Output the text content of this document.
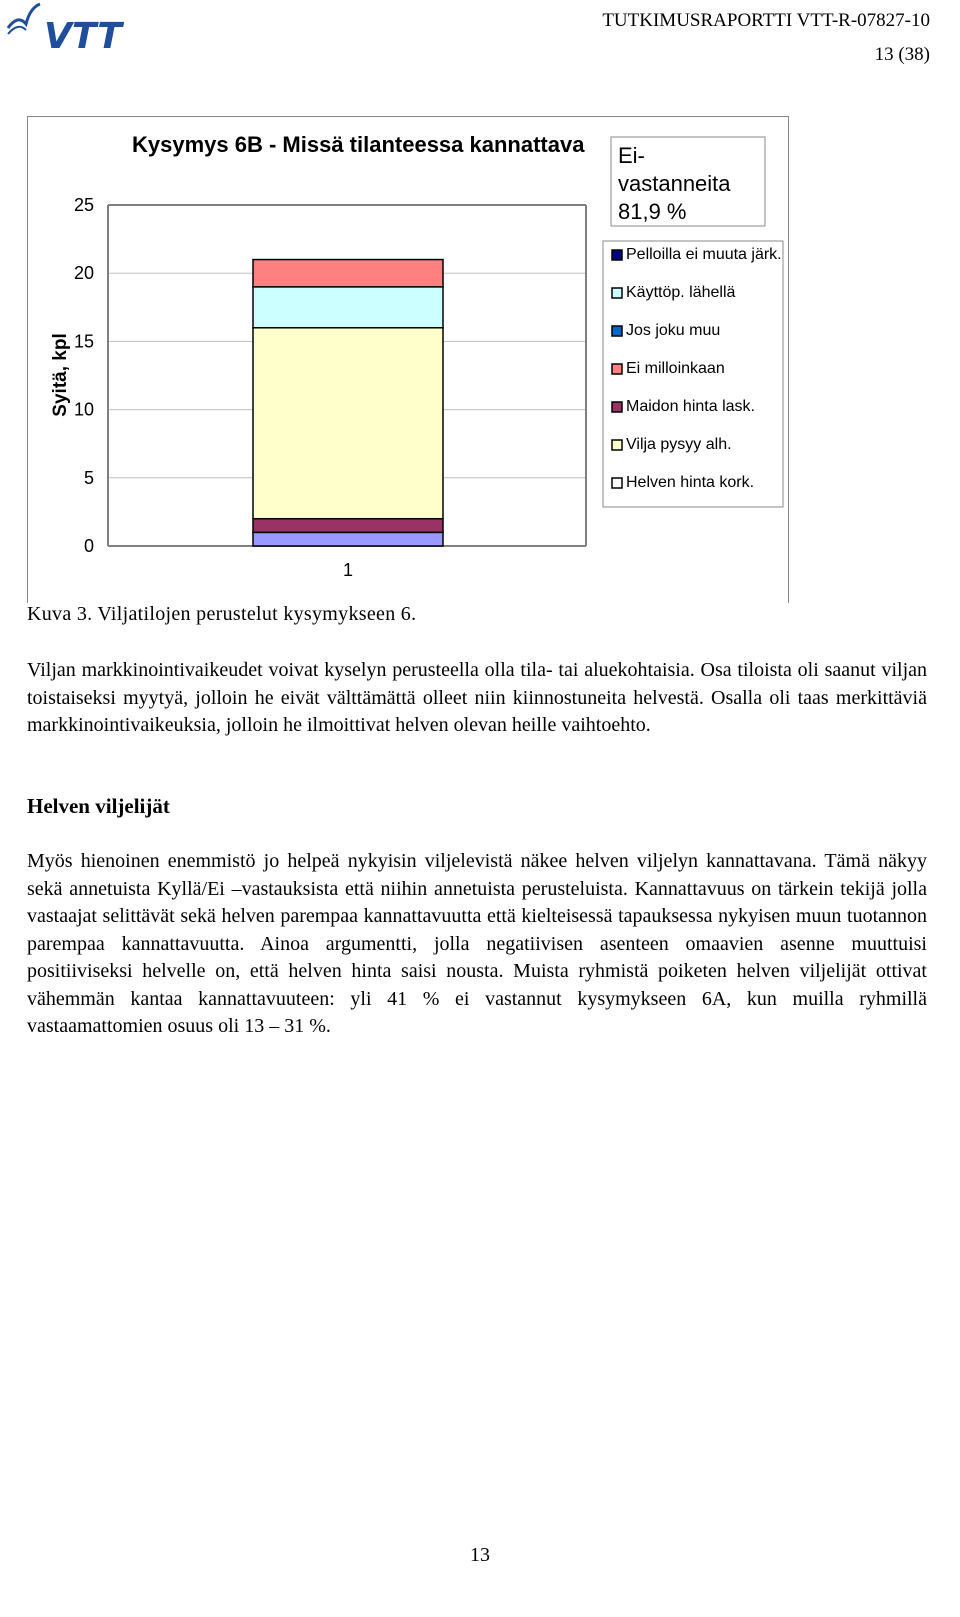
VTT	TUTKIMUSRAPORTTI VTT-R-07827-10
13 (38)
0
5
10
15
20
25
1
Syitä, kpl
Kysymys 6B - Missä tilanteessa kannattava
Pelloilla ei muuta järk.
Käyttöp. lähellä
Jos joku muu
Ei milloinkaan
Maidon hinta lask.
Vilja pysyy alh.
Helven hinta kork.
Ei-
vastanneita
81,9 %
Kuva 3. Viljatilojen perustelut kysymykseen 6.

Viljan markkinointivaikeudet voivat kyselyn perusteella olla tila- tai aluekohtaisia. Osa tiloista oli saanut viljan toistaiseksi myytyä, jolloin he eivät välttämättä olleet niin kiinnostuneita helvestä. Osalla oli taas merkittäviä markkinointivaikeuksia, jolloin he ilmoittivat helven olevan heille vaihtoehto.

Helven viljelijät

Myös hienoinen enemmistö jo helpeä nykyisin viljelevistä näkee helven viljelyn kannattavana. Tämä näkyy sekä annetuista Kyllä/Ei –vastauksista että niihin annetuista perusteluista. Kannattavuus on tärkein tekijä jolla vastaajat selittävät sekä helven parempaa kannattavuutta että kielteisessä tapauksessa nykyisen muun tuotannon parempaa kannattavuutta. Ainoa argumentti, jolla negatiivisen asenteen omaavien asenne muuttuisi positiiviseksi helvelle on, että helven hinta saisi nousta. Muista ryhmistä poiketen helven viljelijät ottivat vähemmän kantaa kannattavuuteen: yli 41 % ei vastannut kysymykseen 6A, kun muilla ryhmillä vastaamattomien osuus oli 13 – 31 %.

13
